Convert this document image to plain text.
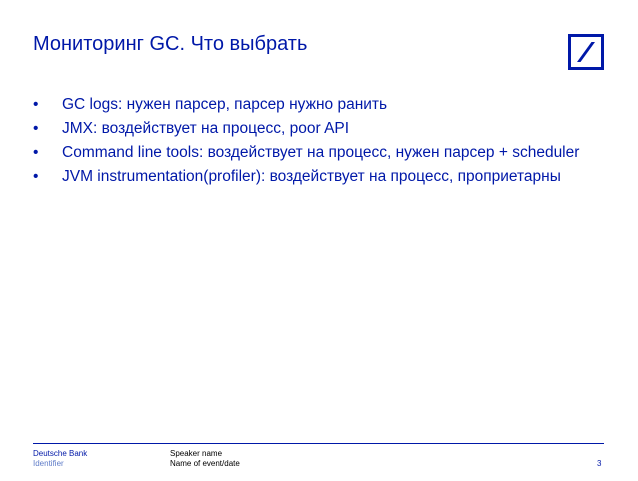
Мониторинг GC. Что выбрать
• GC logs: нужен парсер, парсер нужно ранить
• JMX: воздействует на процесс, poor API
• Command line tools: воздействует на процесс, нужен парсер + scheduler
• JVM instrumentation(profiler): воздействует на процесс, проприетарны
Deutsche Bank
Identifier
Speaker name
Name of event/date	3
